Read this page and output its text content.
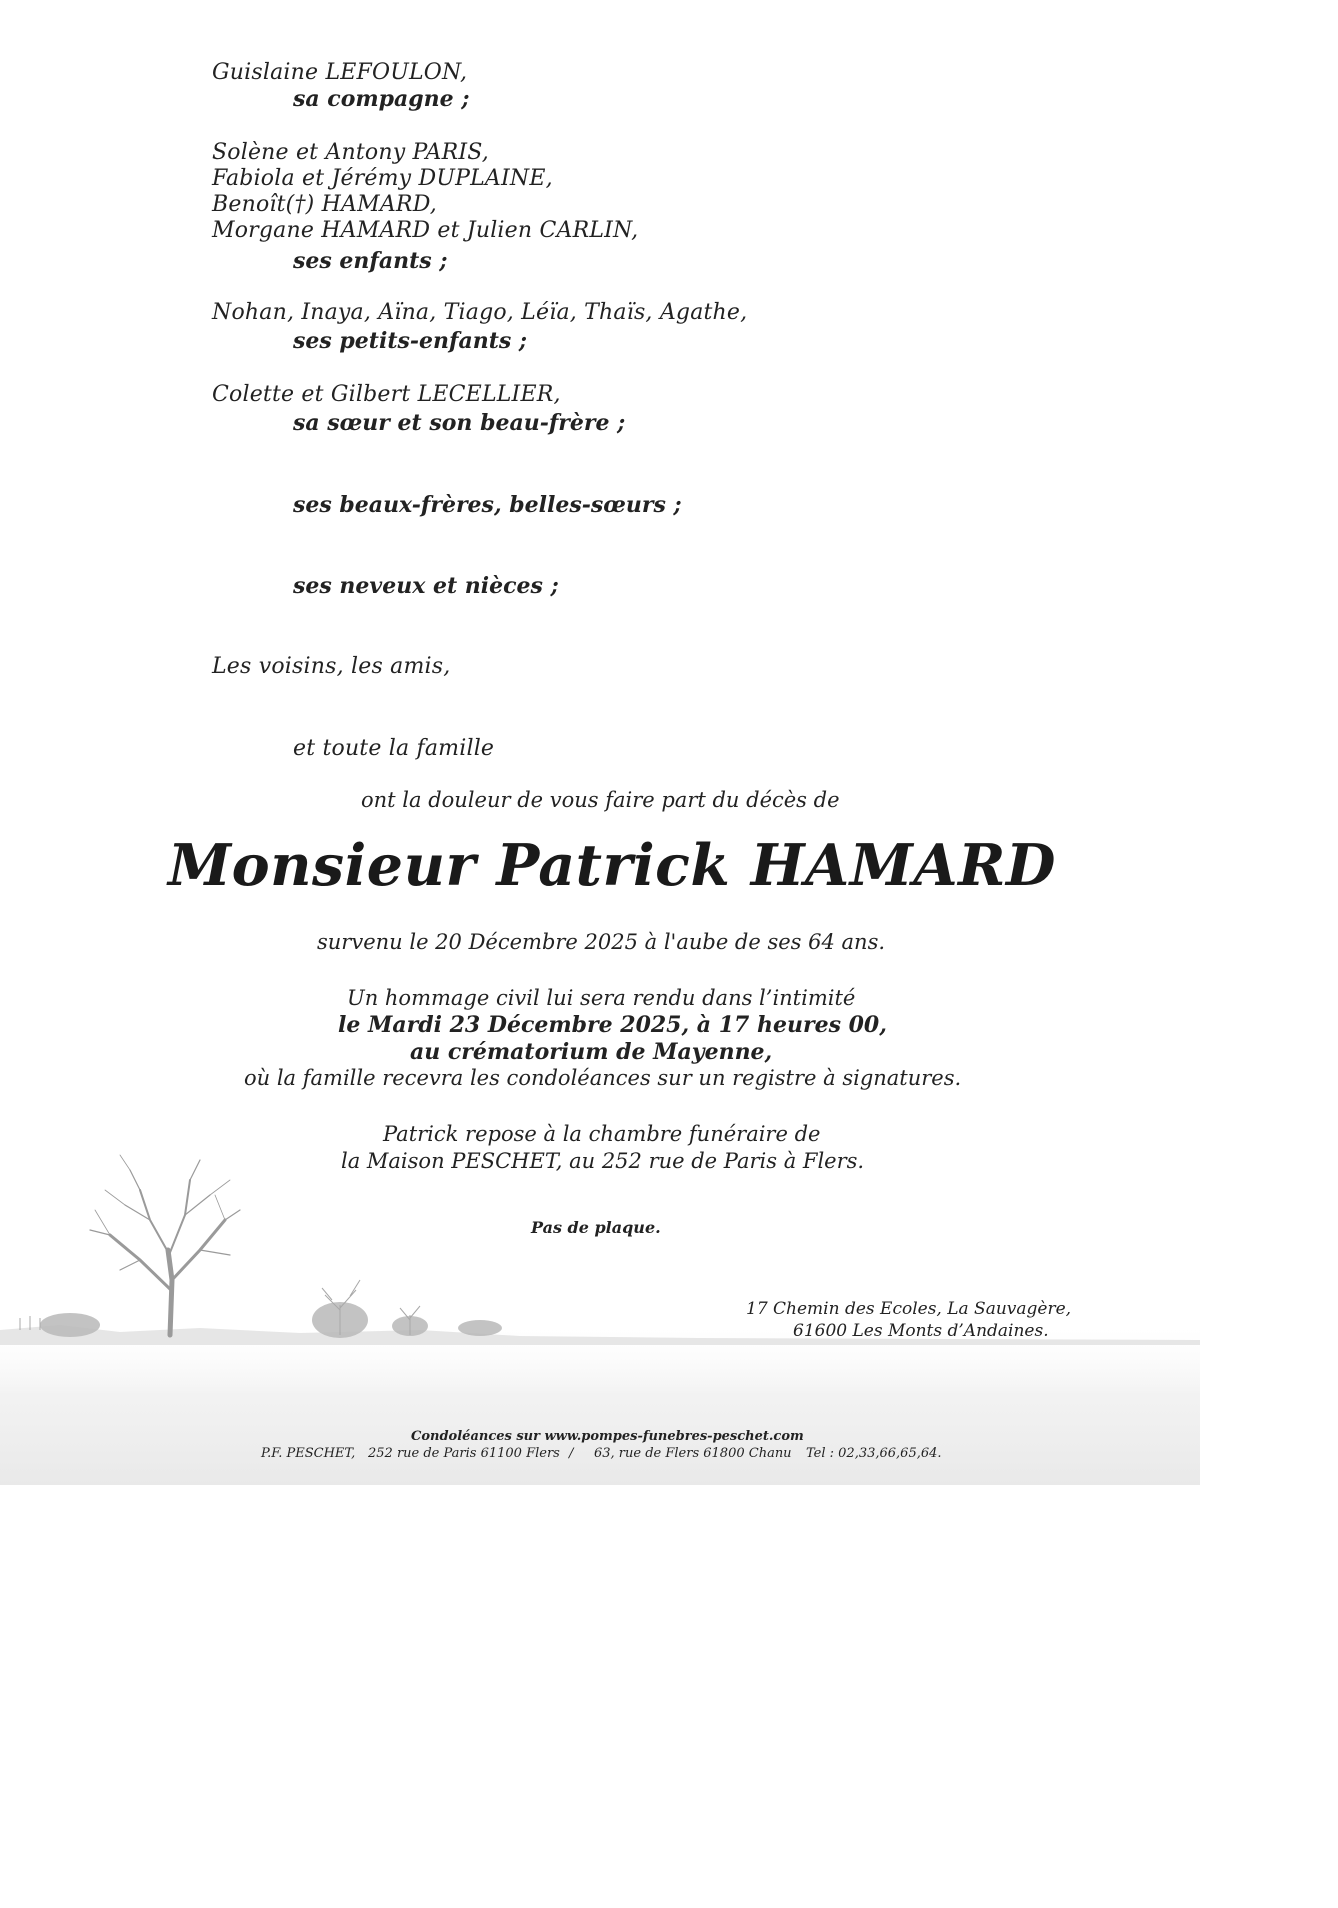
Guislaine LEFOULON,
sa compagne ;
Solène et Antony PARIS,
Fabiola et Jérémy DUPLAINE,
Benoît(†) HAMARD,
Morgane HAMARD et Julien CARLIN,
ses enfants ;
Nohan, Inaya, Aïna, Tiago, Léïa, Thaïs, Agathe,
ses petits-enfants ;
Colette et Gilbert LECELLIER,
sa sœur et son beau-frère ;
ses beaux-frères, belles-sœurs ;
ses neveux et nièces ;
Les voisins, les amis,
et toute la famille
ont la douleur de vous faire part du décès de
Monsieur Patrick HAMARD
survenu le 20 Décembre 2025 à l'aube de ses 64 ans.
Un hommage civil lui sera rendu dans l’intimité
le Mardi 23 Décembre 2025, à 17 heures 00,
au crématorium de Mayenne,
où la famille recevra les condoléances sur un registre à signatures.
Patrick repose à la chambre funéraire de
la Maison PESCHET, au 252 rue de Paris à Flers.
Pas de plaque.
17 Chemin des Ecoles, La Sauvagère,
61600 Les Monts d’Andaines.
Condoléances sur www.pompes-funebres-peschet.com
P.F. PESCHET, 252 rue de Paris 61100 Flers / 63, rue de Flers 61800 Chanu Tel : 02,33,66,65,64.
